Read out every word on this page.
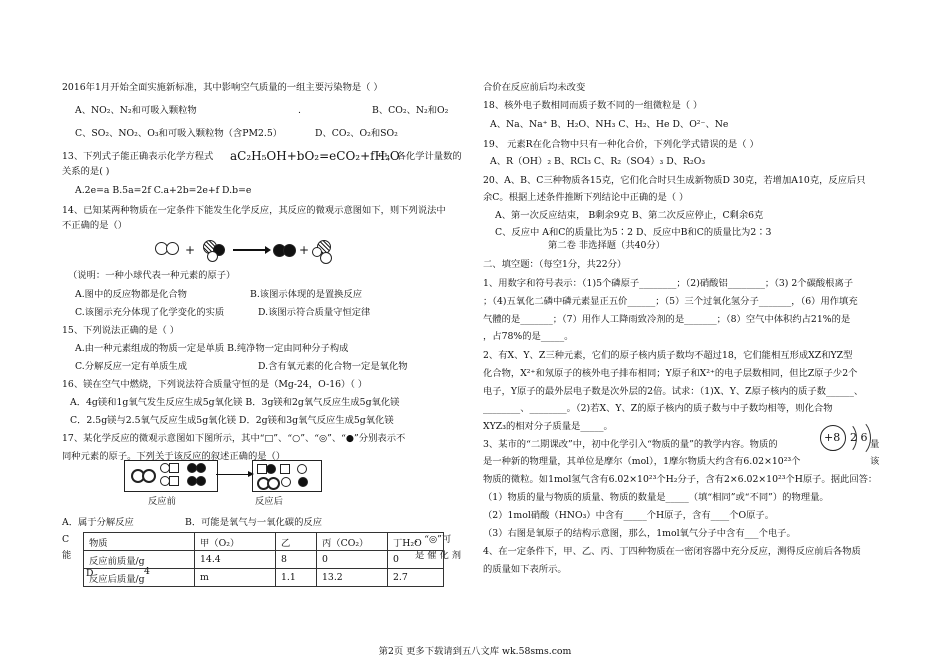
2016年1月开始全面实施新标准，其中影响空气质量的一组主要污染物是（ ）
A、NO₂、N₂和可吸入颗粒物	.	B、CO₂、N₂和O₂
C、SO₂、NO₂、O₃和可吸入颗粒物（含PM2.5）	D、CO₂、O₂和SO₂
13、下列式子能正确表示化学方程式 aC₂H₅OH+bO₂=eCO₂+fH₂O
中，各化学计量数的
关系的是( )
A.2e=a B.5a=2f C.a+2b=2e+f D.b=e
14、已知某两种物质在一定条件下能发生化学反应，其反应的微观示意图如下，则下列说法中
不正确的是（）
（说明：一种小球代表一种元素的原子）
A.图中的反应物都是化合物	B.该图示体现的是置换反应
C.该图示充分体现了化学变化的实质	D.该图示符合质量守恒定律
15、下列说法正确的是（ ）
A.由一种元素组成的物质一定是单质 B.纯净物一定由同种分子构成
C.分解反应一定有单质生成	D.含有氧元素的化合物一定是氧化物
16、镁在空气中燃烧，下列说法符合质量守恒的是（Mg-24，O-16）（ ）
A．4g镁和1g氧气发生反应生成5g氧化镁 B．3g镁和2g氧气反应生成5g氧化镁
C．2.5g镁与2.5氧气反应生成5g氧化镁 D．2g镁和3g氧气反应生成5g氧化镁
17、某化学反应的微观示意图如下图所示，其中“□”、“○”、“◎”、“●”分别表示不
同种元素的原子。下列关于该反应的叙述正确的是（）
反应前	反应后
A．属于分解反应	B．可能是氧气与一氧化碳的反应
C
能
．“◎”可
是 催 化 剂
D	4
合价在反应前后均未改变
18、核外电子数相同而质子数不同的一组微粒是（ ）
A、Na、Na⁺ B、H₂O、NH₃ C、H₂、He D、O²⁻、Ne
19、 元素R在化合物中只有一种化合价，下列化学式错误的是（ ）
A、R（OH）₂ B、RCl₃ C、R₂（SO4）₃ D、R₂O₃
20、A、B、C三种物质各15克，它们化合时只生成新物质D 30克，若增加A10克，反应后只
余C。根据上述条件推断下列结论中正确的是（ ）
A、第一次反应结束， B剩余9克 B、第二次反应停止，C剩余6克
C、反应中 A和C的质量比为5∶2 D、反应中B和C的质量比为2∶3
第二卷 非选择题（共40分）
二、填空题：（每空1分，共22分）
1、用数字和符号表示：（1)5个磷原子________；（2)硝酸铝________；（3) 2个碳酸根离子
；（4)五氧化二磷中磷元素显正五价______；（5）三个过氧化氢分子_______，（6）用作填充
气體的是_______；（7）用作人工降雨致冷剂的是_______；（8）空气中体积约占21%的是
，占78%的是_____。
2、有X、Y、Z三种元素，它们的原子核内质子数均不超过18，它们能相互形成XZ和YZ型
化合物，X²⁺和氖原子的核外电子排布相同；Y原子和X²⁺的电子层数相同，但比Z原子少2个
电子，Y原子的最外层电子数是次外层的2倍。试求：（1)X、Y、Z原子核内的质子数______、
________、________。（2)若X、Y、Z的原子核内的质子数与中子数均相等，则化合物
XYZ₃的相对分子质量是_____。
3、某市的“二期课改”中，初中化学引入“物质的量”的教学内容。物质的	量
是一种新的物理量，其单位是摩尔（mol），1摩尔物质大约含有6.02×10²³个	该
物质的微粒。如1mol氢气含有6.02×10²³个H₂分子，含有2×6.02×10²³个H原子。据此回答：
（1）物质的量与物质的质量、物质的数量是_____（填“相同”或“不同”）的物理量。
（2）1mol硝酸（HNO₃）中含有_____个H原子，含有____个O原子。
（3）右图是氧原子的结构示意图，那么，1mol氧气分子中含有___个电子。
4、在一定条件下，甲、乙、丙、丁四种物质在一密闭容器中充分反应，测得反应前后各物质
的质量如下表所示。
+	+
物质	甲（O₂）	乙	丙（CO₂）	丁H₂O
反应前质量/g	14.4	8	0	0
反应后质量/g	m	1.1	13.2	2.7
+8 2 6
第2页 更多下载请到五八文库 wk.58sms.com
